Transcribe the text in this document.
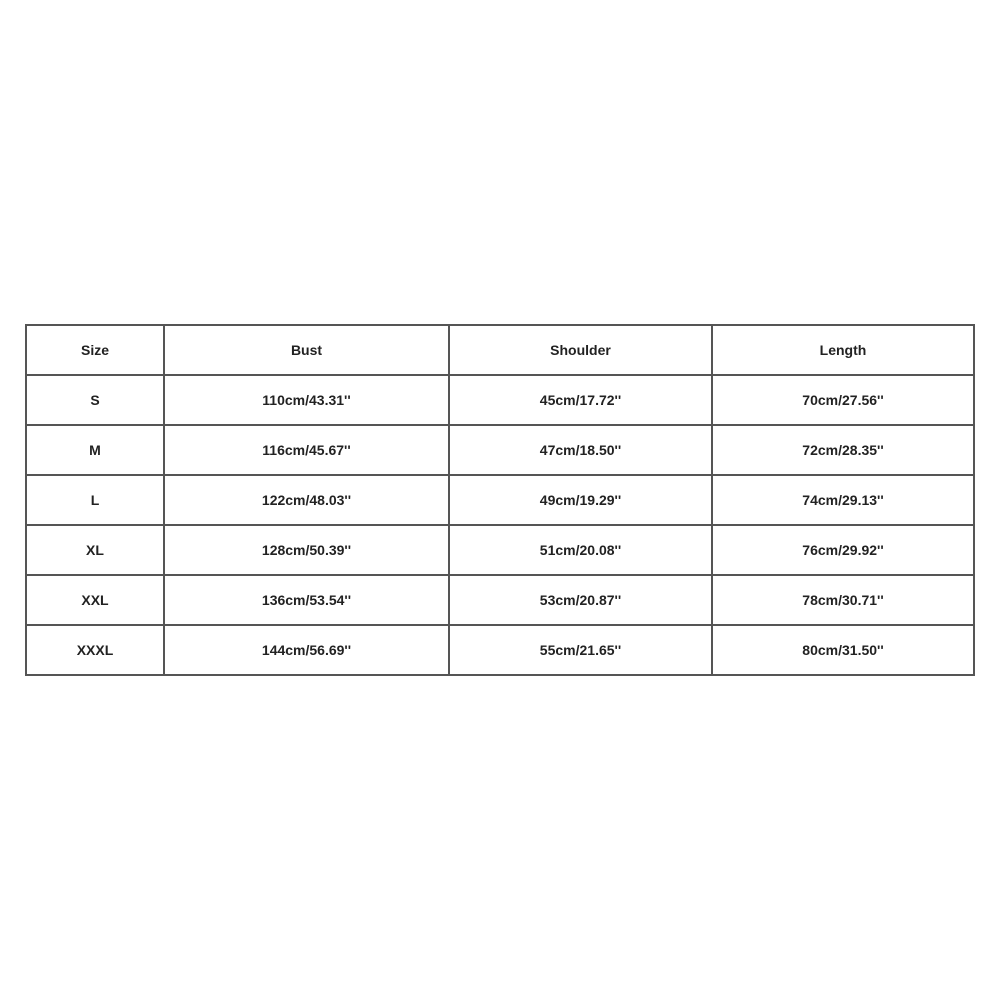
Size	Bust	Shoulder	Length
S	110cm/43.31''	45cm/17.72''	70cm/27.56''
M	116cm/45.67''	47cm/18.50''	72cm/28.35''
L	122cm/48.03''	49cm/19.29''	74cm/29.13''
XL	128cm/50.39''	51cm/20.08''	76cm/29.92''
XXL	136cm/53.54''	53cm/20.87''	78cm/30.71''
XXXL	144cm/56.69''	55cm/21.65''	80cm/31.50''
